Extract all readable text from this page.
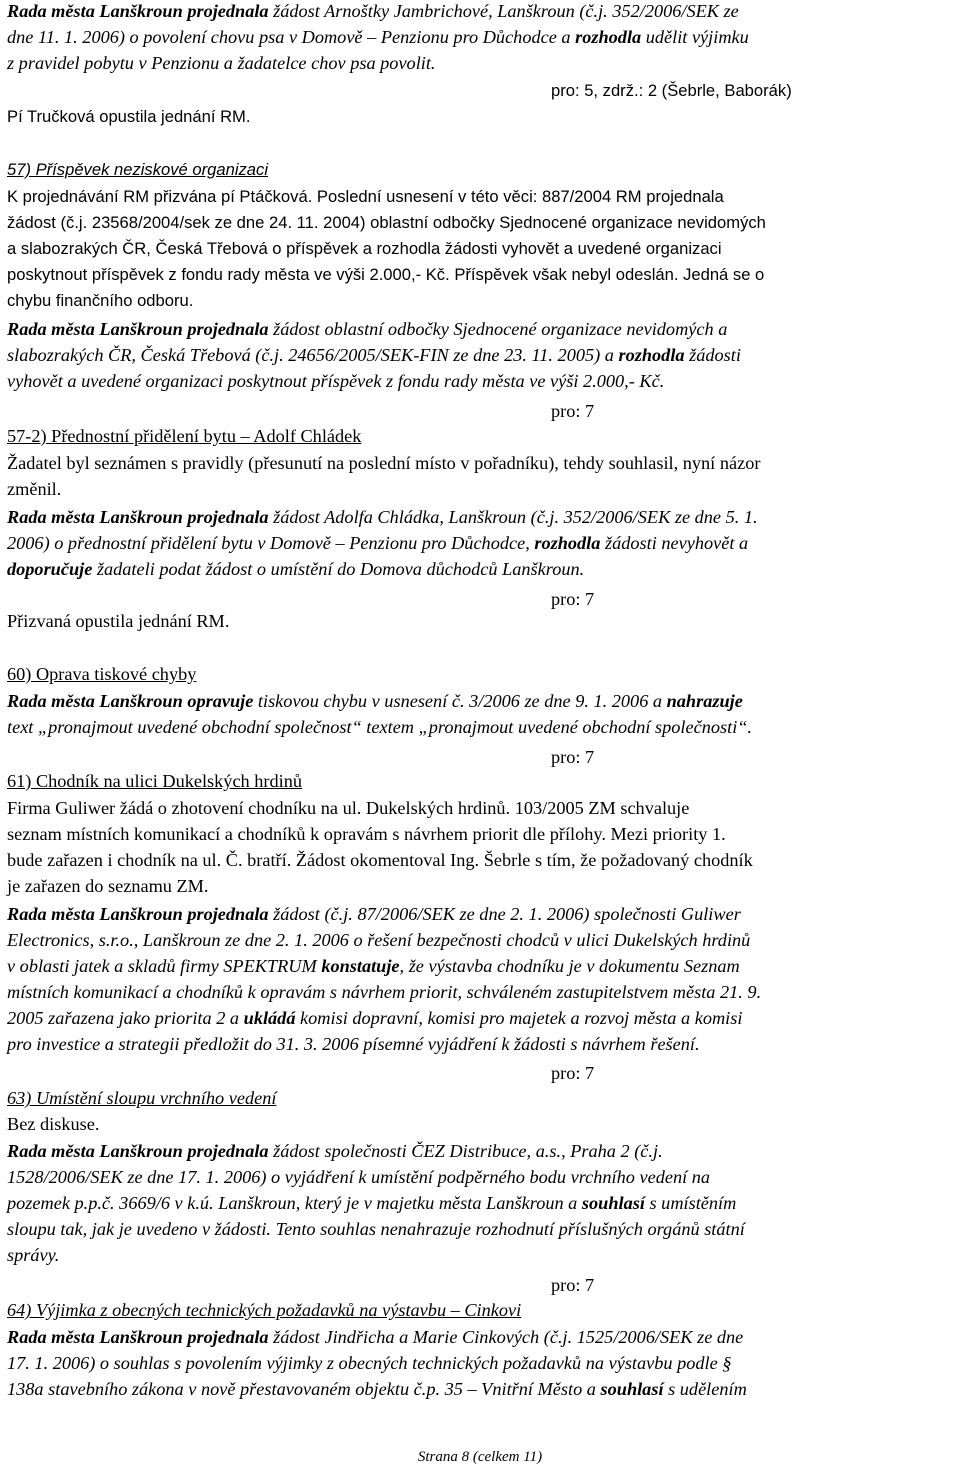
Rada města Lanškroun projednala žádost Arnoštky Jambrichové, Lanškroun (č.j. 352/2006/SEK ze
dne 11. 1. 2006) o povolení chovu psa v Domově – Penzionu pro Důchodce a rozhodla udělit výjimku
z pravidel pobytu v Penzionu a žadatelce chov psa povolit.
pro: 5, zdrž.: 2 (Šebrle, Baborák)
Pí Tručková opustila jednání RM.
57) Příspěvek neziskové organizaci
K projednávání RM přizvána pí Ptáčková. Poslední usnesení v této věci: 887/2004 RM projednala
žádost (č.j. 23568/2004/sek ze dne 24. 11. 2004) oblastní odbočky Sjednocené organizace nevidomých
a slabozrakých ČR, Česká Třebová o příspěvek a rozhodla žádosti vyhovět a uvedené organizaci
poskytnout příspěvek z fondu rady města ve výši 2.000,- Kč. Příspěvek však nebyl odeslán. Jedná se o
chybu finančního odboru.
Rada města Lanškroun projednala žádost oblastní odbočky Sjednocené organizace nevidomých a
slabozrakých ČR, Česká Třebová (č.j. 24656/2005/SEK-FIN ze dne 23. 11. 2005) a rozhodla žádosti
vyhovět a uvedené organizaci poskytnout příspěvek z fondu rady města ve výši 2.000,- Kč.
pro: 7
57-2) Přednostní přidělení bytu – Adolf Chládek
Žadatel byl seznámen s pravidly (přesunutí na poslední místo v pořadníku), tehdy souhlasil, nyní názor
změnil.
Rada města Lanškroun projednala žádost Adolfa Chládka, Lanškroun (č.j. 352/2006/SEK ze dne 5. 1.
2006) o přednostní přidělení bytu v Domově – Penzionu pro Důchodce, rozhodla žádosti nevyhovět a
doporučuje žadateli podat žádost o umístění do Domova důchodců Lanškroun.
pro: 7
Přizvaná opustila jednání RM.
60) Oprava tiskové chyby
Rada města Lanškroun opravuje tiskovou chybu v usnesení č. 3/2006 ze dne 9. 1. 2006 a nahrazuje
text „pronajmout uvedené obchodní společnost“ textem „pronajmout uvedené obchodní společnosti“.
pro: 7
61) Chodník na ulici Dukelských hrdinů
Firma Guliwer žádá o zhotovení chodníku na ul. Dukelských hrdinů. 103/2005 ZM schvaluje
seznam místních komunikací a chodníků k opravám s návrhem priorit dle přílohy. Mezi priority 1.
bude zařazen i chodník na ul. Č. bratří. Žádost okomentoval Ing. Šebrle s tím, že požadovaný chodník
je zařazen do seznamu ZM.
Rada města Lanškroun projednala žádost (č.j. 87/2006/SEK ze dne 2. 1. 2006) společnosti Guliwer
Electronics, s.r.o., Lanškroun ze dne 2. 1. 2006 o řešení bezpečnosti chodců v ulici Dukelských hrdinů
v oblasti jatek a skladů firmy SPEKTRUM konstatuje, že výstavba chodníku je v dokumentu Seznam
místních komunikací a chodníků k opravám s návrhem priorit, schváleném zastupitelstvem města 21. 9.
2005 zařazena jako priorita 2 a ukládá komisi dopravní, komisi pro majetek a rozvoj města a komisi
pro investice a strategii předložit do 31. 3. 2006 písemné vyjádření k žádosti s návrhem řešení.
pro: 7
63) Umístění sloupu vrchního vedení
Bez diskuse.
Rada města Lanškroun projednala žádost společnosti ČEZ Distribuce, a.s., Praha 2 (č.j.
1528/2006/SEK ze dne 17. 1. 2006) o vyjádření k umístění podpěrného bodu vrchního vedení na
pozemek p.p.č. 3669/6 v k.ú. Lanškroun, který je v majetku města Lanškroun a souhlasí s umístěním
sloupu tak, jak je uvedeno v žádosti. Tento souhlas nenahrazuje rozhodnutí příslušných orgánů státní
správy.
pro: 7
64) Výjimka z obecných technických požadavků na výstavbu – Cinkovi
Rada města Lanškroun projednala žádost Jindřicha a Marie Cinkových (č.j. 1525/2006/SEK ze dne
17. 1. 2006) o souhlas s povolením výjimky z obecných technických požadavků na výstavbu podle §
138a stavebního zákona v nově přestavovaném objektu č.p. 35 – Vnitřní Město a souhlasí s udělením
Strana 8 (celkem 11)
